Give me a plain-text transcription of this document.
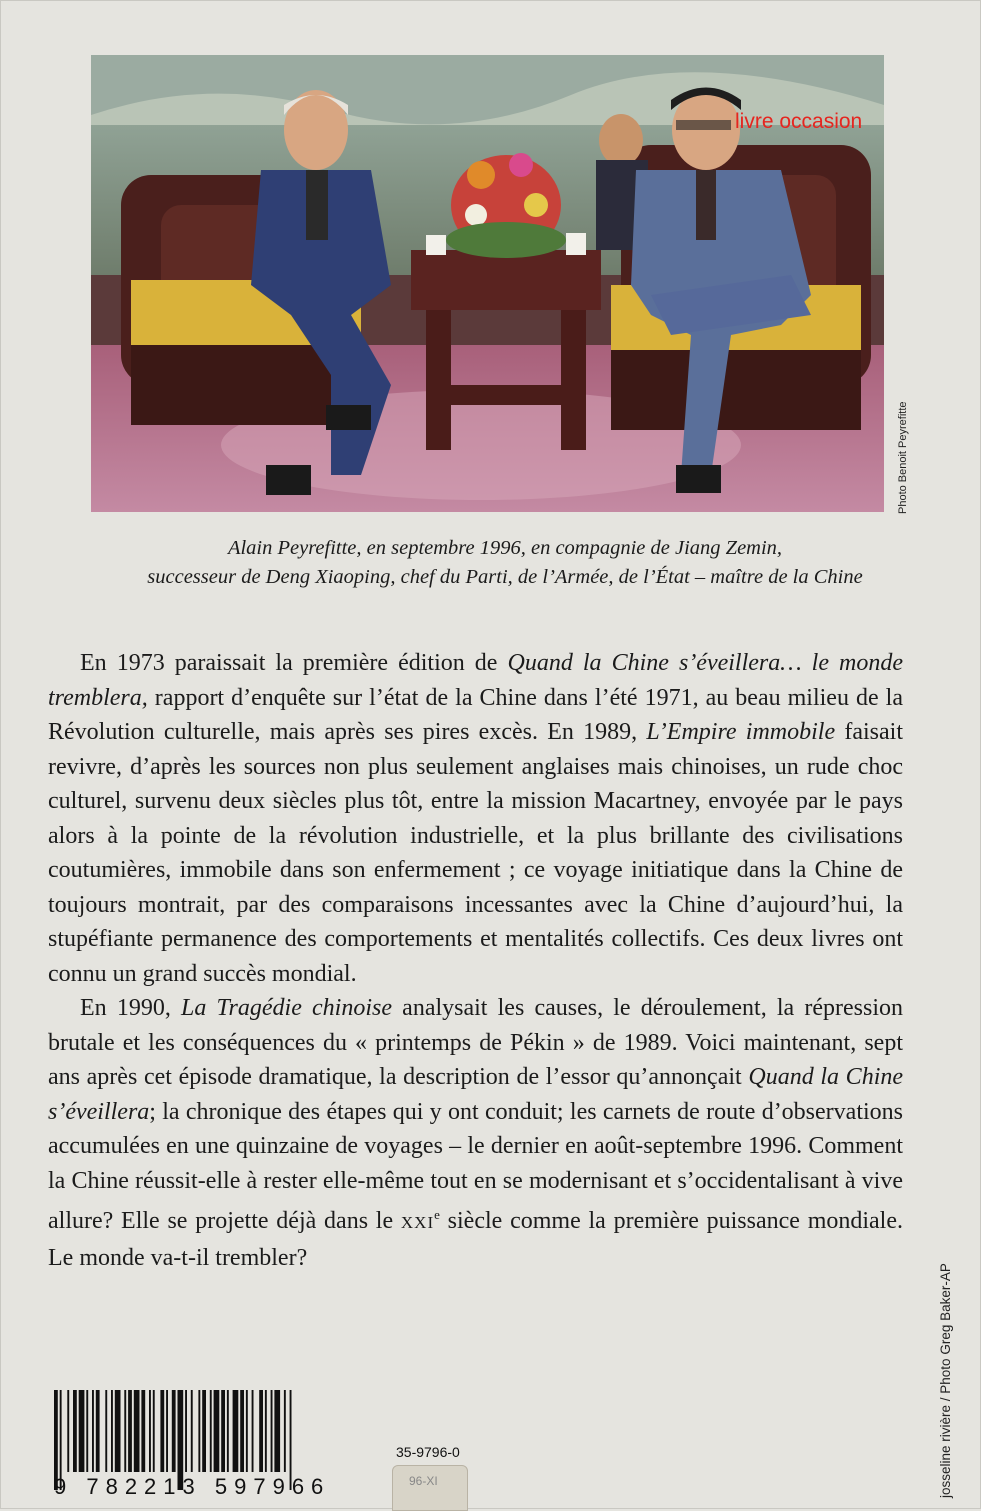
livre occasion
Photo Benoit Peyrefitte
Alain Peyrefitte, en septembre 1996, en compagnie de Jiang Zemin,
successeur de Deng Xiaoping, chef du Parti, de l’Armée, de l’État – maître de la Chine

En 1973 paraissait la première édition de Quand la Chine s’éveillera… le monde tremblera, rapport d’enquête sur l’état de la Chine dans l’été 1971, au beau milieu de la Révolution culturelle, mais après ses pires excès. En 1989, L’Empire immobile faisait revivre, d’après les sources non plus seulement anglaises mais chinoises, un rude choc culturel, survenu deux siècles plus tôt, entre la mission Macartney, envoyée par le pays alors à la pointe de la révolution industrielle, et la plus brillante des civilisations coutumières, immobile dans son enfermement ; ce voyage initiatique dans la Chine de toujours montrait, par des comparaisons incessantes avec la Chine d’aujourd’hui, la stupéfiante permanence des comportements et mentalités collectifs. Ces deux livres ont connu un grand succès mondial.

En 1990, La Tragédie chinoise analysait les causes, le déroulement, la répression brutale et les conséquences du « printemps de Pékin » de 1989. Voici maintenant, sept ans après cet épisode dramatique, la description de l’essor qu’annonçait Quand la Chine s’éveillera; la chronique des étapes qui y ont conduit; les carnets de route d’observations accumulées en une quinzaine de voyages – le dernier en août-septembre 1996. Comment la Chine réussit-elle à rester elle-même tout en se modernisant et s’occidentalisant à vive allure? Elle se projette déjà dans le XXIe siècle comme la première puissance mondiale. Le monde va-t-il trembler?

9 782213 597966
35-9796-0
96-XI	josseline rivière / Photo Greg Baker-AP
